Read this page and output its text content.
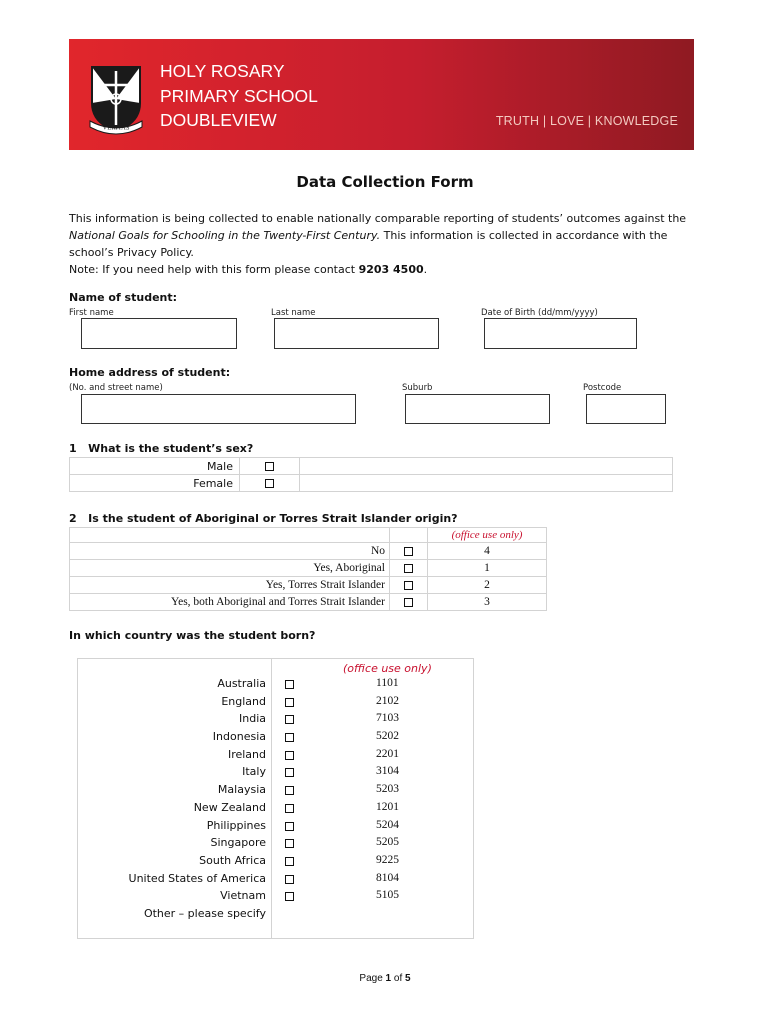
VERITAS
HOLY ROSARY
PRIMARY SCHOOL
DOUBLEVIEW	TRUTH | LOVE | KNOWLEDGE
Data Collection Form

This information is being collected to enable nationally comparable reporting of students’ outcomes against the National Goals for Schooling in the Twenty-First Century. This information is collected in accordance with the school’s Privacy Policy.

Note: If you need help with this form please contact 9203 4500.

Name of student:
First name	Last name	Date of Birth (dd/mm/yyyy)
Home address of student:
(No. and street name)	Suburb	Postcode
1 What is the student’s sex?
Male		
Female		
2 Is the student of Aboriginal or Torres Strait Islander origin?
		(office use only)
No		4
Yes, Aboriginal		1
Yes, Torres Strait Islander		2
Yes, both Aboriginal and Torres Strait Islander		3
In which country was the student born?
(office use only)
Australia	1101
England	2102
India	7103
Indonesia	5202
Ireland	2201
Italy	3104
Malaysia	5203
New Zealand	1201
Philippines	5204
Singapore	5205
South Africa	9225
United States of America	8104
Vietnam	5105
Other – please specify
Page 1 of 5
